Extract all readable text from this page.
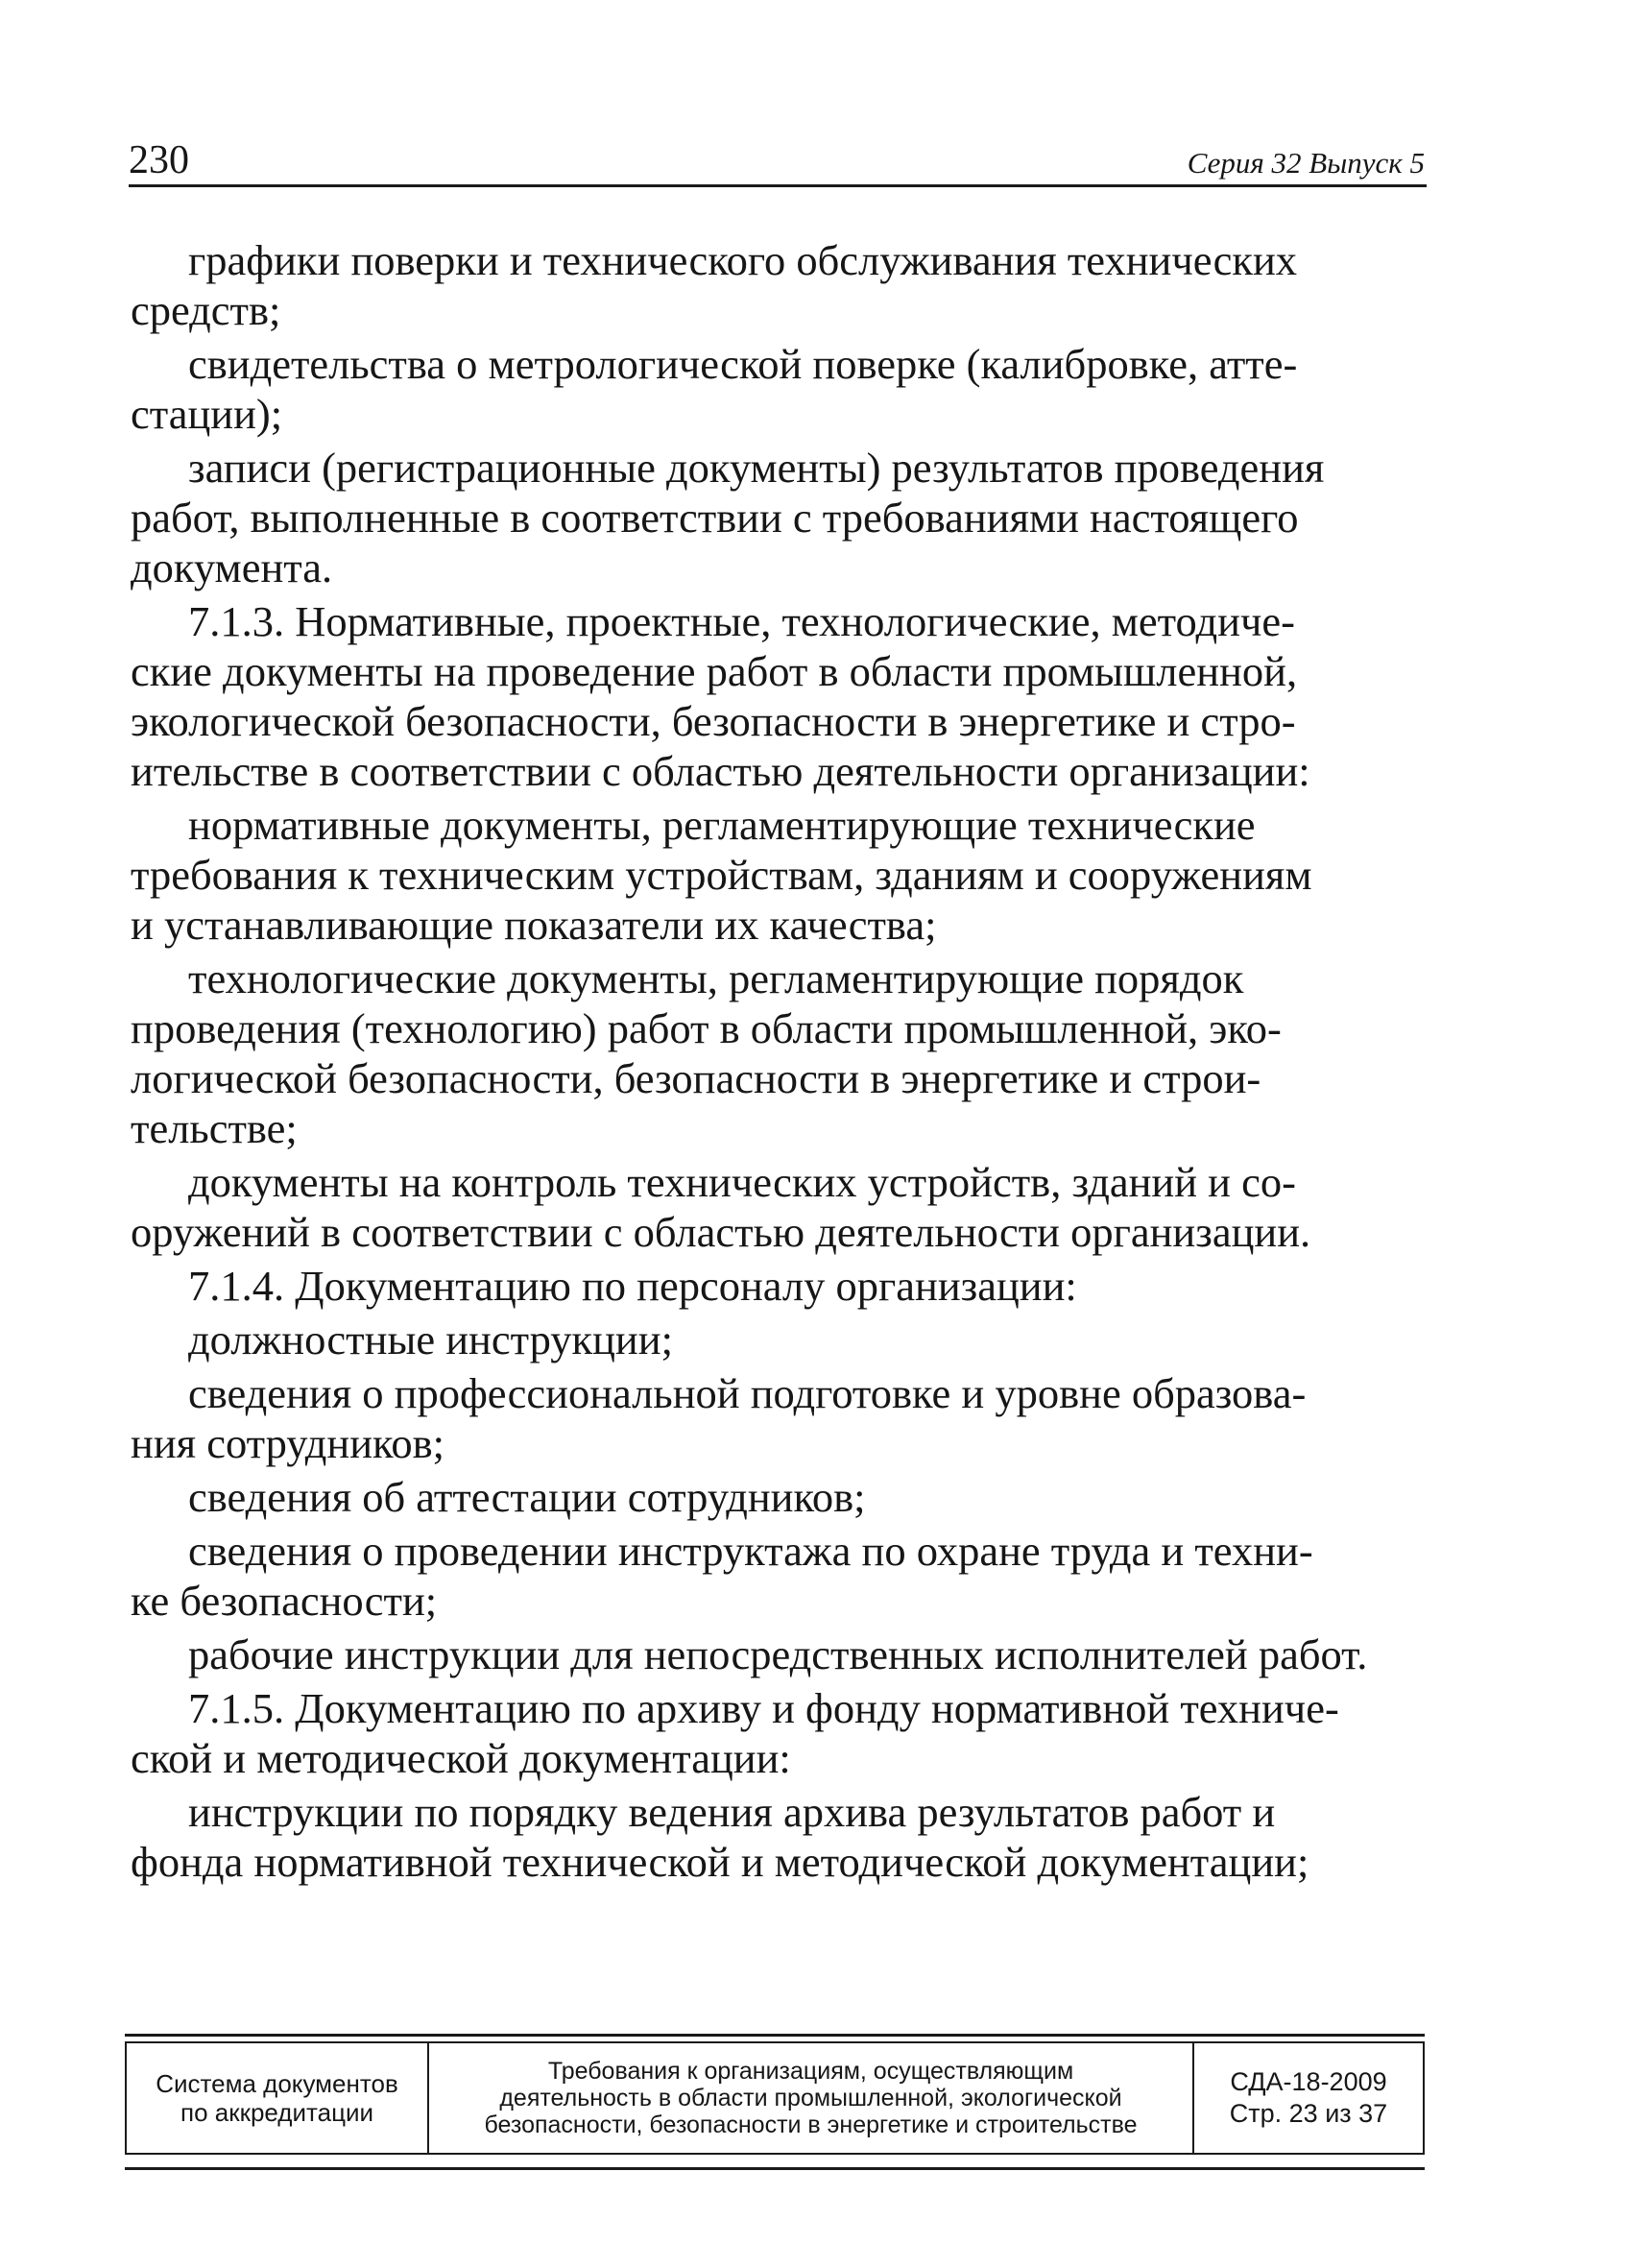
230	Серия 32 Выпуск 5

графики поверки и технического обслуживания технических
средств;

свидетельства о метрологической поверке (калибровке, атте-
стации);

записи (регистрационные документы) результатов проведения
работ, выполненные в соответствии с требованиями настоящего
документа.

7.1.3. Нормативные, проектные, технологические, методиче-
ские документы на проведение работ в области промышленной,
экологической безопасности, безопасности в энергетике и стро-
ительстве в соответствии с областью деятельности организации:

нормативные документы, регламентирующие технические
требования к техническим устройствам, зданиям и сооружениям
и устанавливающие показатели их качества;

технологические документы, регламентирующие порядок
проведения (технологию) работ в области промышленной, эко-
логической безопасности, безопасности в энергетике и строи-
тельстве;

документы на контроль технических устройств, зданий и со-
оружений в соответствии с областью деятельности организации.

7.1.4. Документацию по персоналу организации:

должностные инструкции;

сведения о профессиональной подготовке и уровне образова-
ния сотрудников;

сведения об аттестации сотрудников;

сведения о проведении инструктажа по охране труда и техни-
ке безопасности;

рабочие инструкции для непосредственных исполнителей работ.

7.1.5. Документацию по архиву и фонду нормативной техниче-
ской и методической документации:

инструкции по порядку ведения архива результатов работ и
фонда нормативной технической и методической документации;

Система документов
по аккредитации
Требования к организациям, осуществляющим
деятельность в области промышленной, экологической
безопасности, безопасности в энергетике и строительстве
СДА-18-2009
Стр. 23 из 37
